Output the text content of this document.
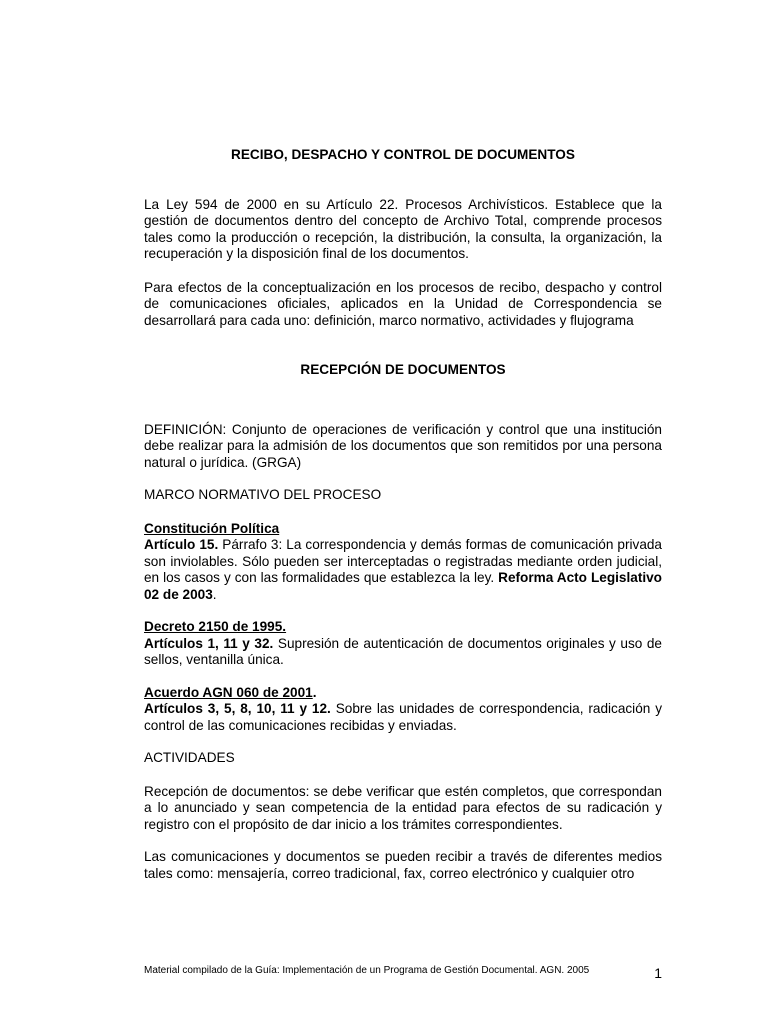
RECIBO, DESPACHO Y CONTROL DE DOCUMENTOS

La Ley 594 de 2000 en su Artículo 22. Procesos Archivísticos. Establece que la gestión de documentos dentro del concepto de Archivo Total, comprende procesos tales como la producción o recepción, la distribución, la consulta, la organización, la recuperación y la disposición final de los documentos.

Para efectos de la conceptualización en los procesos de recibo, despacho y control de comunicaciones oficiales, aplicados en la Unidad de Correspondencia se desarrollará para cada uno: definición, marco normativo, actividades y flujograma

RECEPCIÓN DE DOCUMENTOS

DEFINICIÓN: Conjunto de operaciones de verificación y control que una institución debe realizar para la admisión de los documentos que son remitidos por una persona natural o jurídica. (GRGA)

MARCO NORMATIVO DEL PROCESO

Constitución Política
Artículo 15. Párrafo 3: La correspondencia y demás formas de comunicación privada son inviolables. Sólo pueden ser interceptadas o registradas mediante orden judicial, en los casos y con las formalidades que establezca la ley. Reforma Acto Legislativo 02 de 2003.

Decreto 2150 de 1995.
Artículos 1, 11 y 32. Supresión de autenticación de documentos originales y uso de sellos, ventanilla única.

Acuerdo AGN 060 de 2001.
Artículos 3, 5, 8, 10, 11 y 12. Sobre las unidades de correspondencia, radicación y control de las comunicaciones recibidas y enviadas.

ACTIVIDADES

Recepción de documentos: se debe verificar que estén completos, que correspondan a lo anunciado y sean competencia de la entidad para efectos de su radicación y registro con el propósito de dar inicio a los trámites correspondientes.

Las comunicaciones y documentos se pueden recibir a través de diferentes medios tales como: mensajería, correo tradicional, fax, correo electrónico y cualquier otro

Material compilado de la Guía: Implementación de un Programa de Gestión Documental. AGN. 2005	1
